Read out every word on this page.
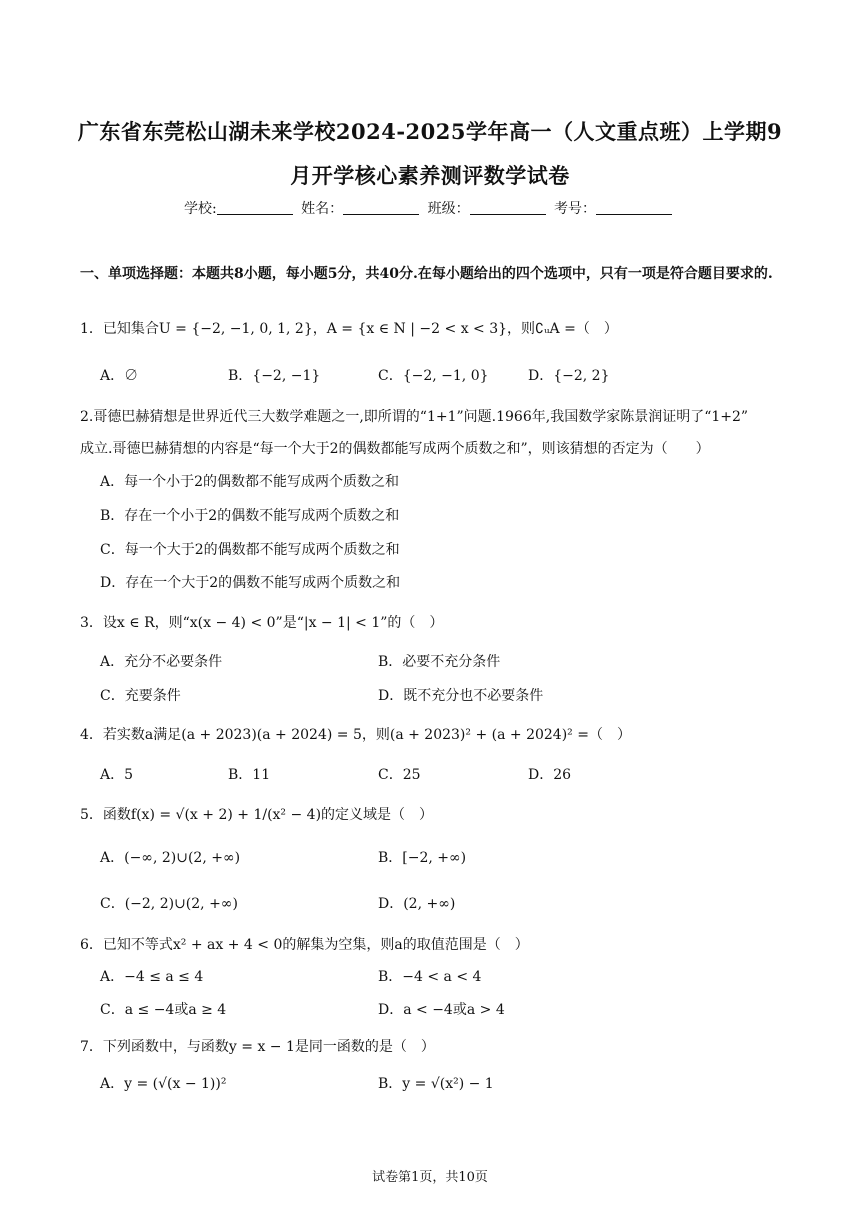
广东省东莞松山湖未来学校2024-2025学年高一（人文重点班）上学期9
月开学核心素养测评数学试卷
学校:	姓名：	班级：	考号：
一、单项选择题：本题共8小题，每小题5分，共40分.在每小题给出的四个选项中，只有一项是符合题目要求的.
1．已知集合U = {−2, −1, 0, 1, 2}，A = {x ∈ N | −2 < x < 3}，则∁ᵤA =（　）
A．∅	B．{−2, −1}	C．{−2, −1, 0}	D．{−2, 2}
2.哥德巴赫猜想是世界近代三大数学难题之一,即所谓的“1+1”问题.1966年,我国数学家陈景润证明了“1+2”
成立.哥德巴赫猜想的内容是“每一个大于2的偶数都能写成两个质数之和”，则该猜想的否定为（　　）
A．每一个小于2的偶数都不能写成两个质数之和
B．存在一个小于2的偶数不能写成两个质数之和
C．每一个大于2的偶数都不能写成两个质数之和
D．存在一个大于2的偶数不能写成两个质数之和
3．设x ∈ R，则“x(x − 4) < 0”是“|x − 1| < 1”的（　）
A．充分不必要条件	B．必要不充分条件
C．充要条件	D．既不充分也不必要条件
4．若实数a满足(a + 2023)(a + 2024) = 5，则(a + 2023)² + (a + 2024)² =（　）
A．5	B．11	C．25	D．26
5．函数f(x) = √(x + 2) + 1/(x² − 4)的定义域是（　）
A．(−∞, 2)∪(2, +∞)	B．[−2, +∞)
C．(−2, 2)∪(2, +∞)	D．(2, +∞)
6．已知不等式x² + ax + 4 < 0的解集为空集，则a的取值范围是（　）
A．−4 ≤ a ≤ 4	B．−4 < a < 4
C．a ≤ −4或a ≥ 4	D．a < −4或a > 4
7．下列函数中，与函数y = x − 1是同一函数的是（　）
A．y = (√(x − 1))²	B．y = √(x²) − 1
试卷第1页，共10页
